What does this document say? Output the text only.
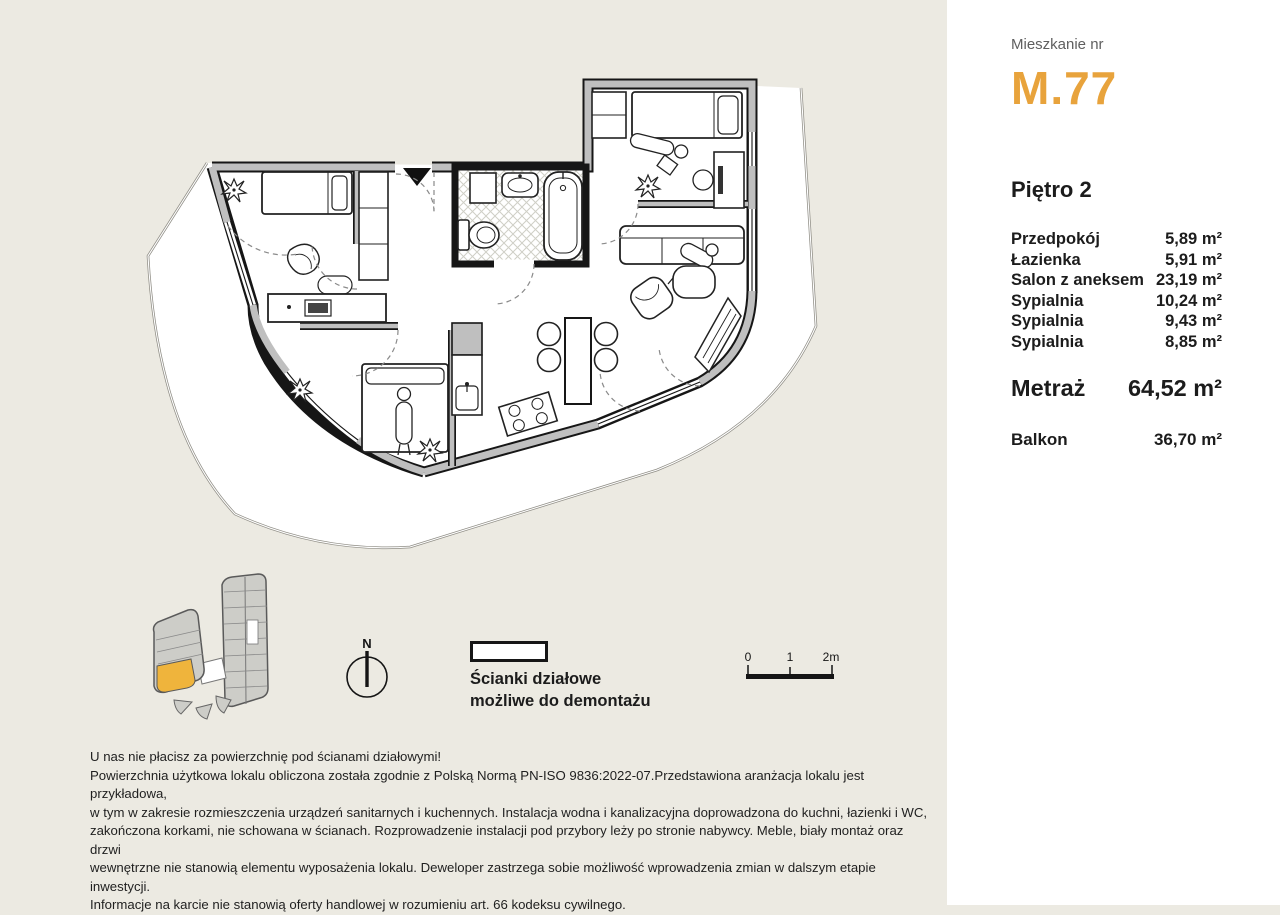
N
0	1 2m
Ścianki działowe
możliwe do demontażu
U nas nie płacisz za powierzchnię pod ścianami działowymi!
Powierzchnia użytkowa lokalu obliczona została zgodnie z Polską Normą PN-ISO 9836:2022-07.Przedstawiona aranżacja lokalu jest przykładowa,
w tym w zakresie rozmieszczenia urządzeń sanitarnych i kuchennych. Instalacja wodna i kanalizacyjna doprowadzona do kuchni, łazienki i WC,
zakończona korkami, nie schowana w ścianach. Rozprowadzenie instalacji pod przybory leży po stronie nabywcy. Meble, biały montaż oraz drzwi
wewnętrzne nie stanowią elementu wyposażenia lokalu. Deweloper zastrzega sobie możliwość wprowadzenia zmian w dalszym etapie
inwestycji.
Informacje na karcie nie stanowią oferty handlowej w rozumieniu art. 66 kodeksu cywilnego.
Mieszkanie nr
M.77
Piętro 2
Przedpokój	5,89 m²
Łazienka	5,91 m²
Salon z aneksem 23,19 m²
Sypialnia	10,24 m²
Sypialnia	9,43 m²
Sypialnia	8,85 m²
Metraż 64,52 m²
Balkon	36,70 m²
